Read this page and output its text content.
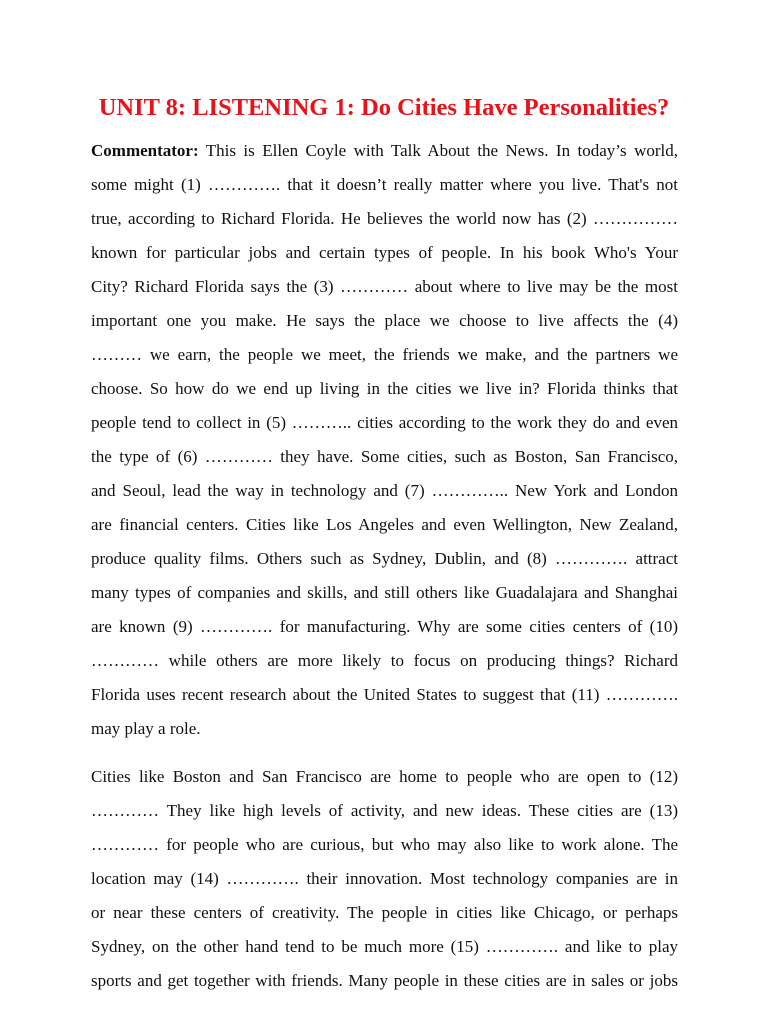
UNIT 8: LISTENING 1: Do Cities Have Personalities?
Commentator: This is Ellen Coyle with Talk About the News. In today’s world,
some might (1) …………. that it doesn’t really matter where you live. That's not
true, according to Richard Florida. He believes the world now has (2) ……………
known for particular jobs and certain types of people. In his book Who's Your
City? Richard Florida says the (3) ………… about where to live may be the most
important one you make. He says the place we choose to live affects the (4)
……… we earn, the people we meet, the friends we make, and the partners we
choose. So how do we end up living in the cities we live in? Florida thinks that
people tend to collect in (5) ……….. cities according to the work they do and even
the type of (6) ………… they have. Some cities, such as Boston, San Francisco,
and Seoul, lead the way in technology and (7) ………….. New York and London
are financial centers. Cities like Los Angeles and even Wellington, New Zealand,
produce quality films. Others such as Sydney, Dublin, and (8) …………. attract
many types of companies and skills, and still others like Guadalajara and Shanghai
are known (9) …………. for manufacturing. Why are some cities centers of (10)
………… while others are more likely to focus on producing things? Richard
Florida uses recent research about the United States to suggest that (11) ………….
may play a role.
Cities like Boston and San Francisco are home to people who are open to (12)
………… They like high levels of activity, and new ideas. These cities are (13)
………… for people who are curious, but who may also like to work alone. The
location may (14) …………. their innovation. Most technology companies are in
or near these centers of creativity. The people in cities like Chicago, or perhaps
Sydney, on the other hand tend to be much more (15) …………. and like to play
sports and get together with friends. Many people in these cities are in sales or jobs
